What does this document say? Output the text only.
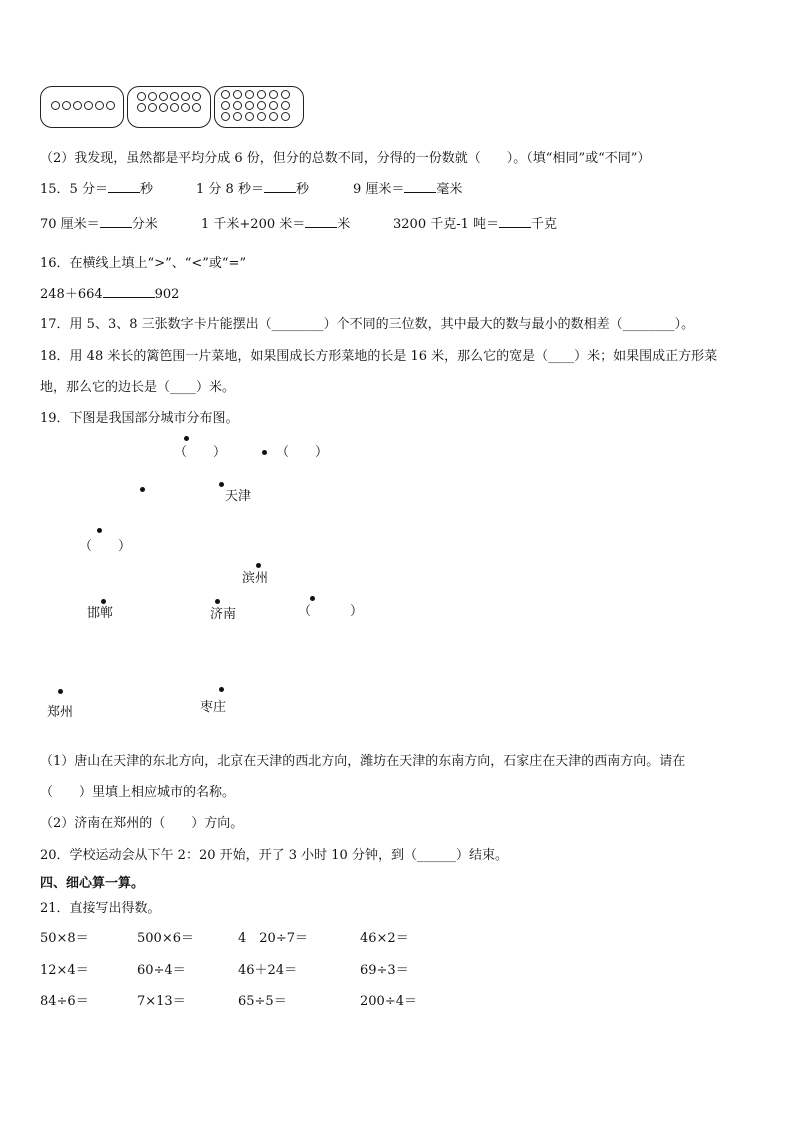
（2）我发现，虽然都是平均分成 6 份，但分的总数不同，分得的一份数就（　　）。（填“相同”或“不同”）
15．5 分＝ 秒	1 分 8 秒＝ 秒	9 厘米＝ 毫米
70 厘米＝ 分米	1 千米+200 米＝ 米	3200 千克-1 吨＝ 千克
16．在横线上填上“>”、“<”或“=”
248＋664	902
17．用 5、3、8 三张数字卡片能摆出（________）个不同的三位数，其中最大的数与最小的数相差（________）。
18．用 48 米长的篱笆围一片菜地，如果围成长方形菜地的长是 16 米，那么它的宽是（____）米；如果围成正方形菜
地，那么它的边长是（____）米。
19．下图是我国部分城市分布图。
（　　）	（　　）
天津
（　　）
滨州
邯郸	济南	（　　　）
郑州	枣庄
（1）唐山在天津的东北方向，北京在天津的西北方向，潍坊在天津的东南方向，石家庄在天津的西南方向。请在
（　　）里填上相应城市的名称。
（2）济南在郑州的（　　）方向。
20．学校运动会从下午 2：20 开始，开了 3 小时 10 分钟，到（______）结束。
四、细心算一算。
21．直接写出得数。
50×8＝	500×6＝	4　20÷7＝	46×2＝
12×4＝	60÷4＝	46＋24＝	69÷3＝
84÷6＝	7×13＝	65÷5＝	200÷4＝
